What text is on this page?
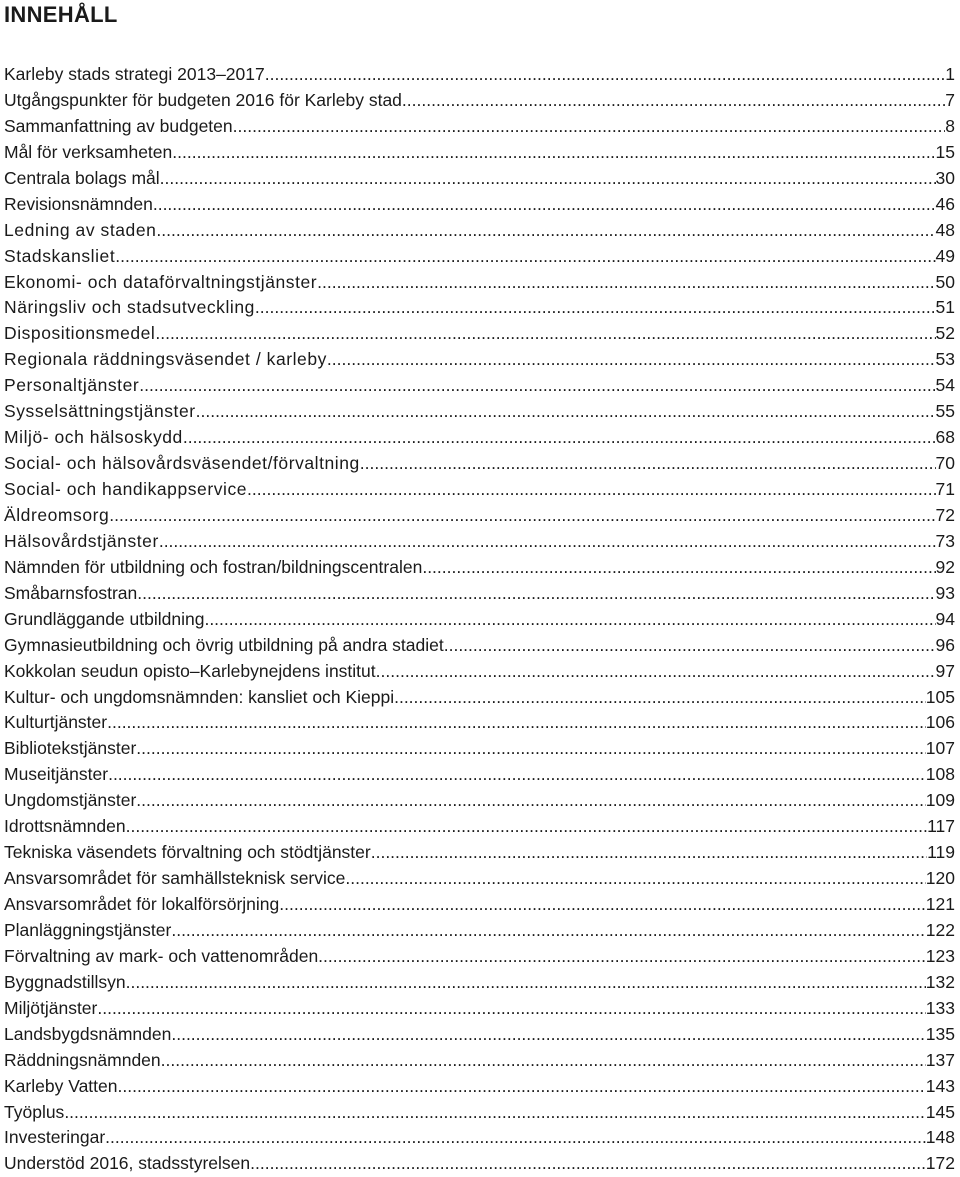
INNEHÅLL
Karleby stads strategi 2013–2017 .....	1
Utgångspunkter för budgeten 2016 för Karleby stad .....	7
Sammanfattning av budgeten .....	8
Mål för verksamheten .....	15
Centrala bolags mål .....	30
Revisionsnämnden .....	46
Ledning av staden .....	48
Stadskansliet .....	49
Ekonomi- och dataförvaltningstjänster .....	50
Näringsliv och stadsutveckling .....	51
Dispositionsmedel .....	52
Regionala räddningsväsendet / karleby .....	53
Personaltjänster .....	54
Sysselsättningstjänster .....	55
Miljö- och hälsoskydd .....	68
Social- och hälsovårdsväsendet/förvaltning .....	70
Social- och handikappservice .....	71
Äldreomsorg .....	72
Hälsovårdstjänster .....	73
Nämnden för utbildning och fostran/bildningscentralen .....	92
Småbarnsfostran .....	93
Grundläggande utbildning .....	94
Gymnasieutbildning och övrig utbildning på andra stadiet .....	96
Kokkolan seudun opisto–Karlebynejdens institut .....	97
Kultur- och ungdomsnämnden: kansliet och Kieppi .....	105
Kulturtjänster .....	106
Bibliotekstjänster .....	107
Museitjänster .....	108
Ungdomstjänster .....	109
Idrottsnämnden .....	117
Tekniska väsendets förvaltning och stödtjänster .....	119
Ansvarsområdet för samhällsteknisk service .....	120
Ansvarsområdet för lokalförsörjning .....	121
Planläggningstjänster .....	122
Förvaltning av mark- och vattenområden .....	123
Byggnadstillsyn .....	132
Miljötjänster .....	133
Landsbygdsnämnden .....	135
Räddningsnämnden .....	137
Karleby Vatten .....	143
Työplus .....	145
Investeringar .....	148
Understöd 2016, stadsstyrelsen .....	172
